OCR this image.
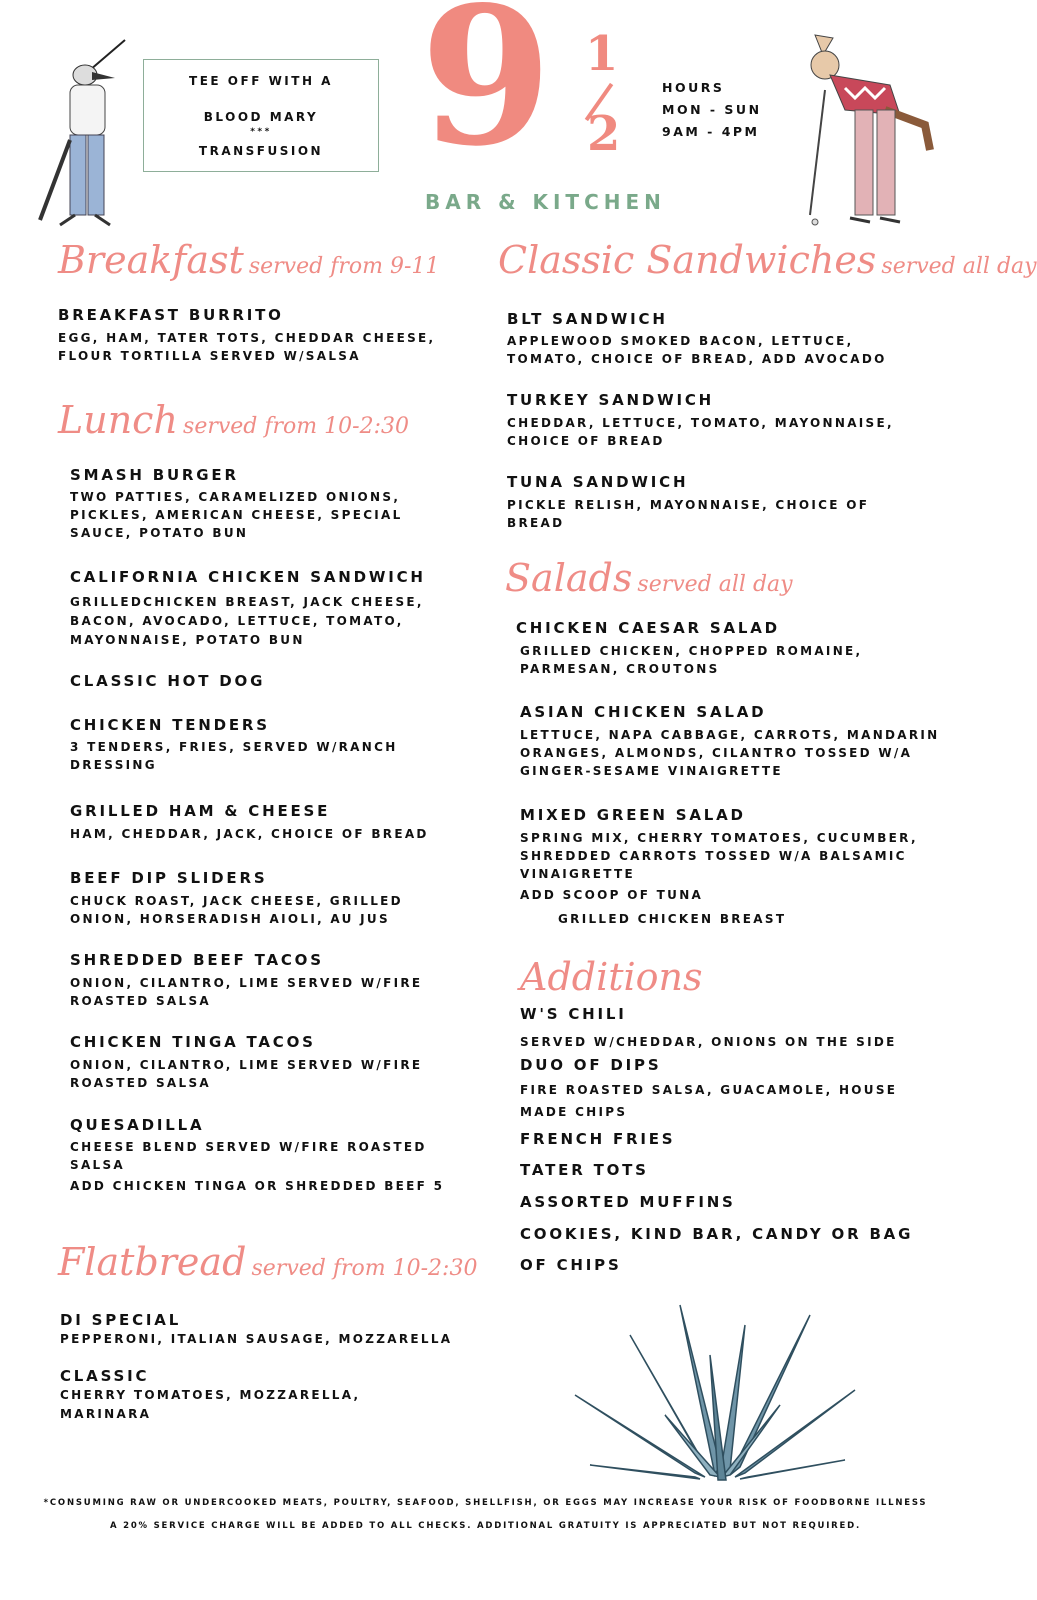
TEE OFF WITH A
BLOOD MARY
***
TRANSFUSION 9 1
2
BAR & KITCHEN
HOURS
MON - SUN
9AM - 4PM
Breakfast served from 9-11
BREAKFAST BURRITO
EGG, HAM, TATER TOTS, CHEDDAR CHEESE,
FLOUR TORTILLA SERVED W/SALSA
Lunch served from 10-2:30
SMASH BURGER
TWO PATTIES, CARAMELIZED ONIONS,
PICKLES, AMERICAN CHEESE, SPECIAL
SAUCE, POTATO BUN
CALIFORNIA CHICKEN SANDWICH
GRILLEDCHICKEN BREAST, JACK CHEESE,
BACON, AVOCADO, LETTUCE, TOMATO,
MAYONNAISE, POTATO BUN
CLASSIC HOT DOG
CHICKEN TENDERS
3 TENDERS, FRIES, SERVED W/RANCH
DRESSING
GRILLED HAM & CHEESE
HAM, CHEDDAR, JACK, CHOICE OF BREAD
BEEF DIP SLIDERS
CHUCK ROAST, JACK CHEESE, GRILLED
ONION, HORSERADISH AIOLI, AU JUS
SHREDDED BEEF TACOS
ONION, CILANTRO, LIME SERVED W/FIRE
ROASTED SALSA
CHICKEN TINGA TACOS
ONION, CILANTRO, LIME SERVED W/FIRE
ROASTED SALSA
QUESADILLA
CHEESE BLEND SERVED W/FIRE ROASTED
SALSA
ADD CHICKEN TINGA OR SHREDDED BEEF 5
Flatbread served from 10-2:30
DI SPECIAL
PEPPERONI, ITALIAN SAUSAGE, MOZZARELLA
CLASSIC
CHERRY TOMATOES, MOZZARELLA,
MARINARA
Classic Sandwiches served all day
BLT SANDWICH
APPLEWOOD SMOKED BACON, LETTUCE,
TOMATO, CHOICE OF BREAD, ADD AVOCADO
TURKEY SANDWICH
CHEDDAR, LETTUCE, TOMATO, MAYONNAISE,
CHOICE OF BREAD
TUNA SANDWICH
PICKLE RELISH, MAYONNAISE, CHOICE OF
BREAD
Salads served all day
CHICKEN CAESAR SALAD
GRILLED CHICKEN, CHOPPED ROMAINE,
PARMESAN, CROUTONS
ASIAN CHICKEN SALAD
LETTUCE, NAPA CABBAGE, CARROTS, MANDARIN
ORANGES, ALMONDS, CILANTRO TOSSED W/A
GINGER-SESAME VINAIGRETTE
MIXED GREEN SALAD
SPRING MIX, CHERRY TOMATOES, CUCUMBER,
SHREDDED CARROTS TOSSED W/A BALSAMIC
VINAIGRETTE
ADD SCOOP OF TUNA
GRILLED CHICKEN BREAST
Additions
W'S CHILI
SERVED W/CHEDDAR, ONIONS ON THE SIDE
DUO OF DIPS
FIRE ROASTED SALSA, GUACAMOLE, HOUSE
MADE CHIPS
FRENCH FRIES
TATER TOTS
ASSORTED MUFFINS
COOKIES, KIND BAR, CANDY OR BAG
OF CHIPS
*CONSUMING RAW OR UNDERCOOKED MEATS, POULTRY, SEAFOOD, SHELLFISH, OR EGGS MAY INCREASE YOUR RISK OF FOODBORNE ILLNESS
A 20% SERVICE CHARGE WILL BE ADDED TO ALL CHECKS. ADDITIONAL GRATUITY IS APPRECIATED BUT NOT REQUIRED.
